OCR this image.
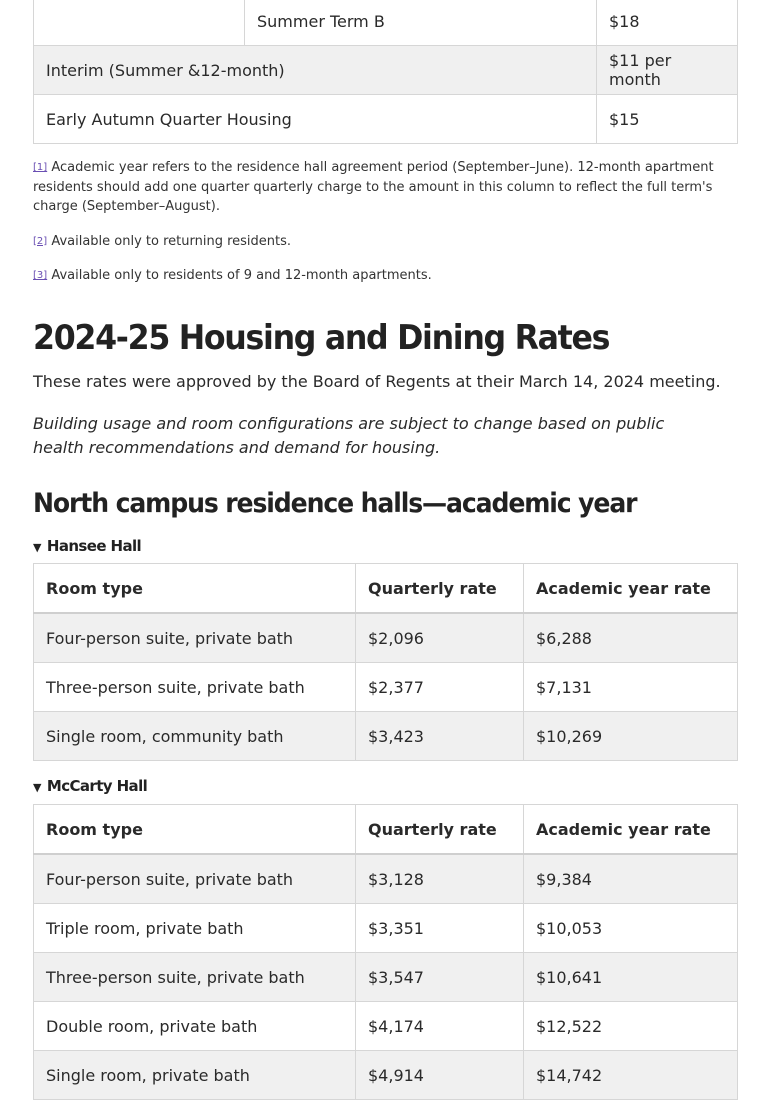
	Summer Term B	$18
Interim (Summer &12-month)		$11 per month
Early Autumn Quarter Housing		$15

[1] Academic year refers to the residence hall agreement period (September–June). 12-month apartment residents should add one quarter quarterly charge to the amount in this column to reflect the full term's charge (September–August).

[2] Available only to returning residents.

[3] Available only to residents of 9 and 12-month apartments.

2024-25 Housing and Dining Rates

These rates were approved by the Board of Regents at their March 14, 2024 meeting.

Building usage and room configurations are subject to change based on public health recommendations and demand for housing.

North campus residence halls—academic year
▼ Hansee Hall
Room type	Quarterly rate	Academic year rate
Four-person suite, private bath	$2,096	$6,288
Three-person suite, private bath	$2,377	$7,131
Single room, community bath	$3,423	$10,269
▼ McCarty Hall
Room type	Quarterly rate	Academic year rate
Four-person suite, private bath	$3,128	$9,384
Triple room, private bath	$3,351	$10,053
Three-person suite, private bath	$3,547	$10,641
Double room, private bath	$4,174	$12,522
Single room, private bath	$4,914	$14,742
